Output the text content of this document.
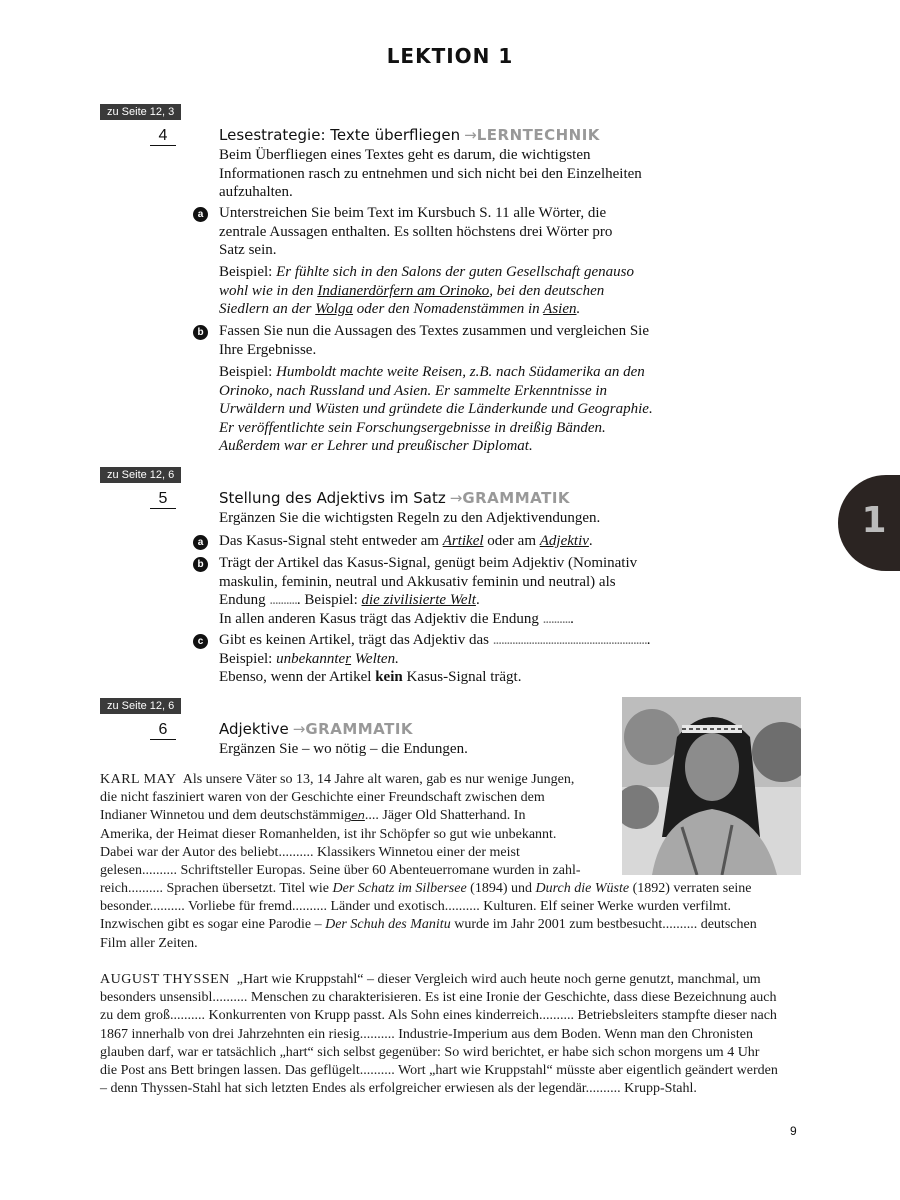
LEKTION 1
1
zu Seite 12, 3
4	Lesestrategie: Texte überfliegen →LERNTECHNIK
Beim Überfliegen eines Textes geht es darum, die wichtigsten
Informationen rasch zu entnehmen und sich nicht bei den Einzelheiten
aufzuhalten.
a	Unterstreichen Sie beim Text im Kursbuch S. 11 alle Wörter, die
zentrale Aussagen enthalten. Es sollten höchstens drei Wörter pro
Satz sein.
Beispiel: Er fühlte sich in den Salons der guten Gesellschaft genauso
wohl wie in den Indianerdörfern am Orinoko, bei den deutschen
Siedlern an der Wolga oder den Nomadenstämmen in Asien.
b Fassen Sie nun die Aussagen des Textes zusammen und vergleichen Sie
Ihre Ergebnisse.
Beispiel: Humboldt machte weite Reisen, z.B. nach Südamerika an den
Orinoko, nach Russland und Asien. Er sammelte Erkenntnisse in
Urwäldern und Wüsten und gründete die Länderkunde und Geographie.
Er veröffentlichte sein Forschungsergebnisse in dreißig Bänden.
Außerdem war er Lehrer und preußischer Diplomat.
zu Seite 12, 6
5	Stellung des Adjektivs im Satz →GRAMMATIK
Ergänzen Sie die wichtigsten Regeln zu den Adjektivendungen.
a	Das Kasus-Signal steht entweder am Artikel oder am Adjektiv.
b Trägt der Artikel das Kasus-Signal, genügt beim Adjektiv (Nominativ
maskulin, feminin, neutral und Akkusativ feminin und neutral) als
Endung ........... Beispiel: die zivilisierte Welt.
In allen anderen Kasus trägt das Adjektiv die Endung ...........
c	Gibt es keinen Artikel, trägt das Adjektiv das .........................................................
Beispiel: unbekannter Welten.
Ebenso, wenn der Artikel kein Kasus-Signal trägt.
zu Seite 12, 6
6	Adjektive →GRAMMATIK
Ergänzen Sie – wo nötig – die Endungen.
KARL MAY Als unsere Väter so 13, 14 Jahre alt waren, gab es nur wenige Jungen,
die nicht fasziniert waren von der Geschichte einer Freundschaft zwischen dem
Indianer Winnetou und dem deutschstämmigen.... Jäger Old Shatterhand. In
Amerika, der Heimat dieser Romanhelden, ist ihr Schöpfer so gut wie unbekannt.
Dabei war der Autor des beliebt.......... Klassikers Winnetou einer der meist
gelesen.......... Schriftsteller Europas. Seine über 60 Abenteuerromane wurden in zahl-
reich.......... Sprachen übersetzt. Titel wie Der Schatz im Silbersee (1894) und Durch die Wüste (1892) verraten seine
besonder.......... Vorliebe für fremd.......... Länder und exotisch.......... Kulturen. Elf seiner Werke wurden verfilmt.
Inzwischen gibt es sogar eine Parodie – Der Schuh des Manitu wurde im Jahr 2001 zum bestbesucht.......... deutschen
Film aller Zeiten.
AUGUST THYSSEN „Hart wie Kruppstahl“ – dieser Vergleich wird auch heute noch gerne genutzt, manchmal, um
besonders unsensibl.......... Menschen zu charakterisieren. Es ist eine Ironie der Geschichte, dass diese Bezeichnung auch
zu dem groß.......... Konkurrenten von Krupp passt. Als Sohn eines kinderreich.......... Betriebsleiters stampfte dieser nach
1867 innerhalb von drei Jahrzehnten ein riesig.......... Industrie-Imperium aus dem Boden. Wenn man den Chronisten
glauben darf, war er tatsächlich „hart“ sich selbst gegenüber: So wird berichtet, er habe sich schon morgens um 4 Uhr
die Post ans Bett bringen lassen. Das geflügelt.......... Wort „hart wie Kruppstahl“ müsste aber eigentlich geändert werden
– denn Thyssen-Stahl hat sich letzten Endes als erfolgreicher erwiesen als der legendär.......... Krupp-Stahl.
9
